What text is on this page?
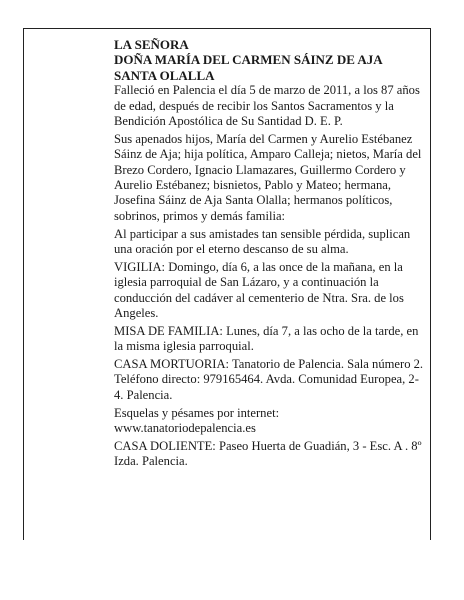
LA SEÑORA

DOÑA MARÍA DEL CARMEN SÁINZ DE AJA

SANTA OLALLA

Falleció en Palencia el día 5 de marzo de 2011, a los 87 años de edad, después de recibir los Santos Sacramentos y la Bendición Apostólica de Su Santidad D. E. P.

Sus apenados hijos, María del Carmen y Aurelio Estébanez Sáinz de Aja; hija política, Amparo Calleja; nietos, María del Brezo Cordero, Ignacio Llamazares, Guillermo Cordero y Aurelio Estébanez; bisnietos, Pablo y Mateo; hermana, Josefina Sáinz de Aja Santa Olalla; hermanos políticos, sobrinos, primos y demás familia:

Al participar a sus amistades tan sensible pérdida, suplican una oración por el eterno descanso de su alma.

VIGILIA: Domingo, día 6, a las once de la mañana, en la iglesia parroquial de San Lázaro, y a continuación la conducción del cadáver al cementerio de Ntra. Sra. de los Angeles.

MISA DE FAMILIA: Lunes, día 7, a las ocho de la tarde, en la misma iglesia parroquial.

CASA MORTUORIA: Tanatorio de Palencia. Sala número 2. Teléfono directo: 979165464. Avda. Comunidad Europea, 2-4. Palencia.

Esquelas y pésames por internet: www.tanatoriodepalencia.es

CASA DOLIENTE: Paseo Huerta de Guadián, 3 - Esc. A . 8º Izda. Palencia.
